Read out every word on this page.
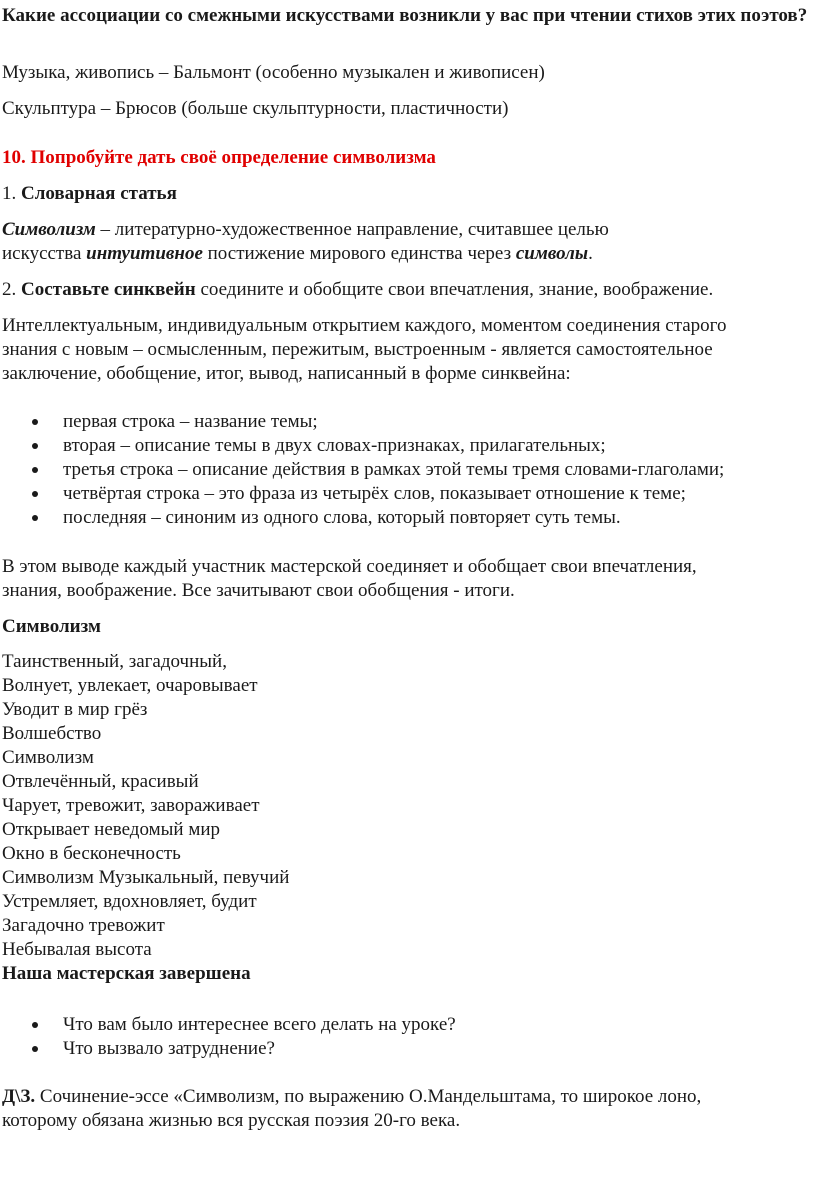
Какие ассоциации со смежными искусствами возникли у вас при чтении стихов этих поэтов?

Музыка, живопись – Бальмонт (особенно музыкален и живописен)

Скульптура – Брюсов (больше скульптурности, пластичности)

10. Попробуйте дать своё определение символизма

1. Словарная статья

Символизм – литературно-художественное направление, считавшее целью

искусства интуитивное постижение мирового единства через символы.

2. Составьте синквейн соедините и обобщите свои впечатления, знание, воображение.

Интеллектуальным, индивидуальным открытием каждого, моментом соединения старого

знания с новым – осмысленным, пережитым, выстроенным - является самостоятельное

заключение, обобщение, итог, вывод, написанный в форме синквейна:

первая строка – название темы;
вторая – описание темы в двух словах-признаках, прилагательных;
третья строка – описание действия в рамках этой темы тремя словами-глаголами;
четвёртая строка – это фраза из четырёх слов, показывает отношение к теме;
последняя – синоним из одного слова, который повторяет суть темы.

В этом выводе каждый участник мастерской соединяет и обобщает свои впечатления,

знания, воображение. Все зачитывают свои обобщения - итоги.

Символизм

Таинственный, загадочный,

Волнует, увлекает, очаровывает

Уводит в мир грёз

Волшебство

Символизм

Отвлечённый, красивый

Чарует, тревожит, завораживает

Открывает неведомый мир

Окно в бесконечность

Символизм Музыкальный, певучий

Устремляет, вдохновляет, будит

Загадочно тревожит

Небывалая высота

Наша мастерская завершена

Что вам было интереснее всего делать на уроке?
Что вызвало затруднение?

Д\З. Сочинение-эссе «Символизм, по выражению О.Мандельштама, то широкое лоно,

которому обязана жизнью вся русская поэзия 20-го века.
